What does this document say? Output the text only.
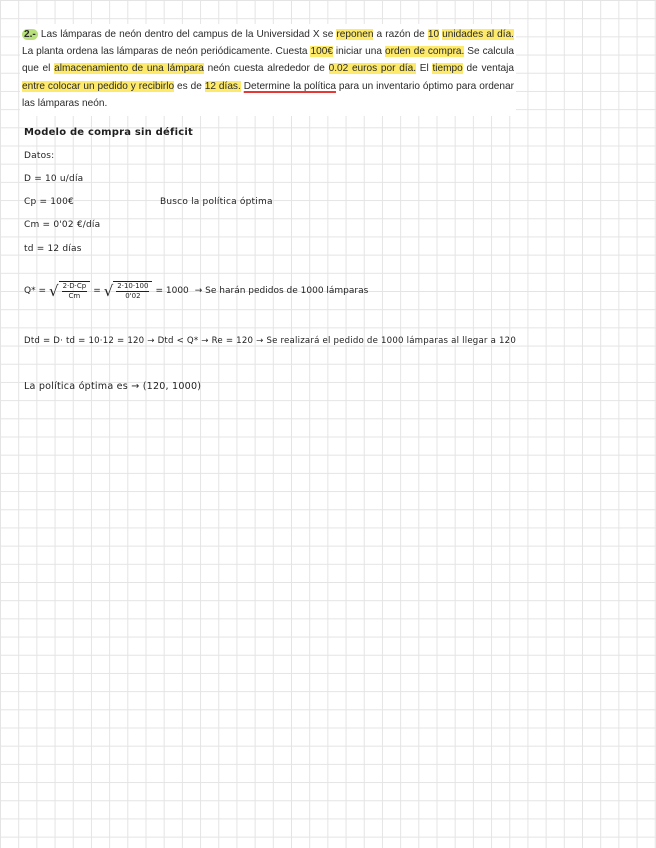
2.- Las lámparas de neón dentro del campus de la Universidad X se reponen a razón de 10 unidades al día. La planta ordena las lámparas de neón periódicamente. Cuesta 100€ iniciar una orden de compra. Se calcula que el almacenamiento de una lámpara neón cuesta alrededor de 0.02 euros por día. El tiempo de ventaja entre colocar un pedido y recibirlo es de 12 días. Determine la política para un inventario óptimo para ordenar las lámparas neón.
Modelo de compra sin déficit
Datos:
D = 10 u/día
Cp = 100€	Busco la política óptima
Cm = 0'02 €/día
td = 12 días
Q* = √ $\frac{2\cdot D\cdot Cp}{Cm}$ = √ $\frac{2\cdot 10\cdot 100}{0'02} = 1000 \to Se$ harán pedidos de 1000 lámparas
Dtd = D· td = 10·12 = 120 → Dtd < Q* → Re = 120 → Se realizará el pedido de 1000 lámparas al llegar a 120
La política óptima es → (120, 1000)
